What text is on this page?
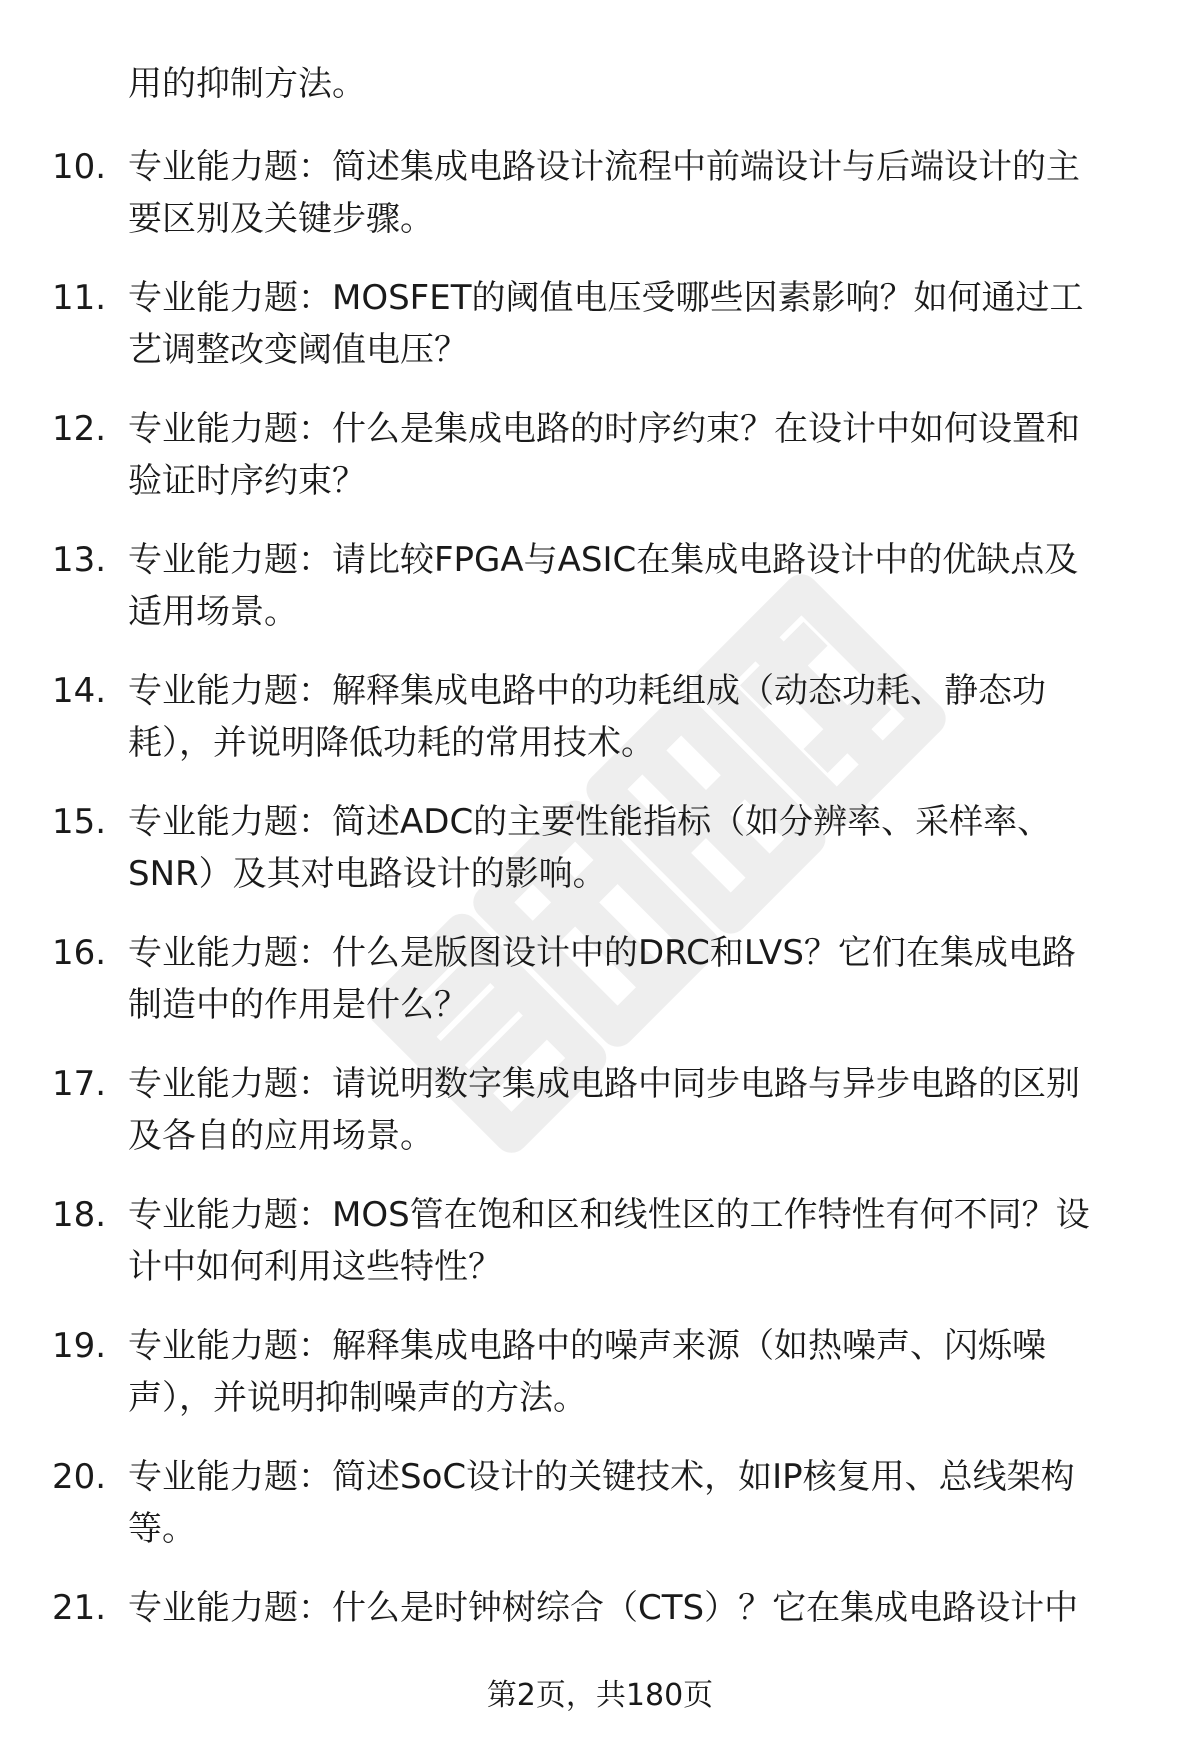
用的抑制方法。

10. 专业能力题：简述集成电路设计流程中前端设计与后端设计的主
要区别及关键步骤。

11. 专业能力题：MOSFET的阈值电压受哪些因素影响？如何通过工
艺调整改变阈值电压？

12. 专业能力题：什么是集成电路的时序约束？在设计中如何设置和
验证时序约束？

13. 专业能力题：请比较FPGA与ASIC在集成电路设计中的优缺点及
适用场景。

14. 专业能力题：解释集成电路中的功耗组成（动态功耗、静态功
耗），并说明降低功耗的常用技术。

15. 专业能力题：简述ADC的主要性能指标（如分辨率、采样率、
SNR）及其对电路设计的影响。

16. 专业能力题：什么是版图设计中的DRC和LVS？它们在集成电路
制造中的作用是什么？

17. 专业能力题：请说明数字集成电路中同步电路与异步电路的区别
及各自的应用场景。

18. 专业能力题：MOS管在饱和区和线性区的工作特性有何不同？设
计中如何利用这些特性？

19. 专业能力题：解释集成电路中的噪声来源（如热噪声、闪烁噪
声），并说明抑制噪声的方法。

20. 专业能力题：简述SoC设计的关键技术，如IP核复用、总线架构
等。

21. 专业能力题：什么是时钟树综合（CTS）？它在集成电路设计中

第2页，共180页
